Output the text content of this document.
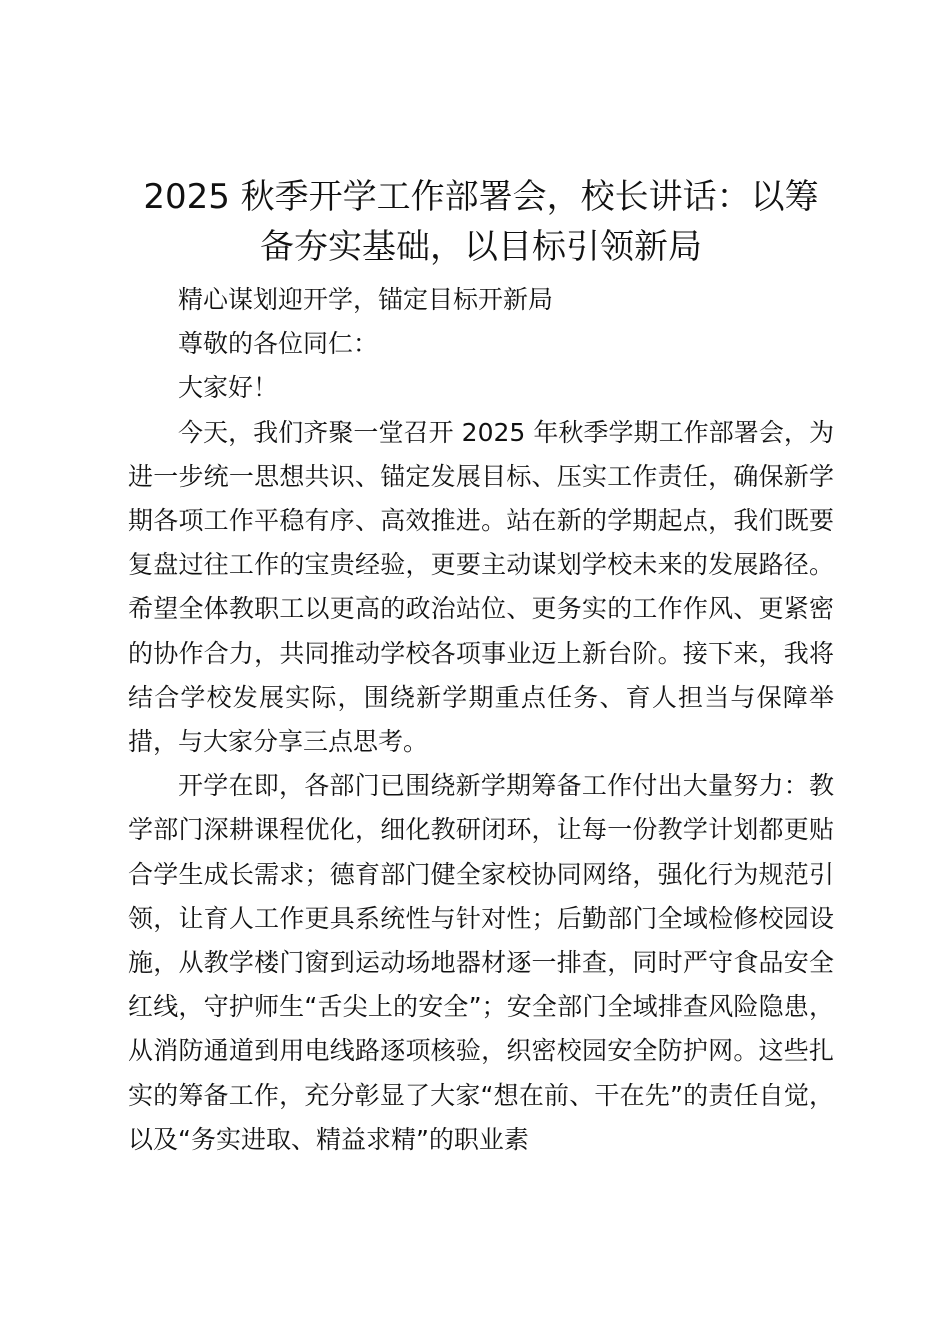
2025 秋季开学工作部署会，校长讲话：以筹备夯实基础，以目标引领新局

精心谋划迎开学，锚定目标开新局

尊敬的各位同仁：

大家好！

今天，我们齐聚一堂召开 2025 年秋季学期工作部署会，为进一步统一思想共识、锚定发展目标、压实工作责任，确保新学期各项工作平稳有序、高效推进。站在新的学期起点，我们既要复盘过往工作的宝贵经验，更要主动谋划学校未来的发展路径。希望全体教职工以更高的政治站位、更务实的工作作风、更紧密的协作合力，共同推动学校各项事业迈上新台阶。接下来，我将结合学校发展实际，围绕新学期重点任务、育人担当与保障举措，与大家分享三点思考。

开学在即，各部门已围绕新学期筹备工作付出大量努力：教学部门深耕课程优化，细化教研闭环，让每一份教学计划都更贴合学生成长需求；德育部门健全家校协同网络，强化行为规范引领，让育人工作更具系统性与针对性；后勤部门全域检修校园设施，从教学楼门窗到运动场地器材逐一排查，同时严守食品安全红线，守护师生“舌尖上的安全”；安全部门全域排查风险隐患，从消防通道到用电线路逐项核验，织密校园安全防护网。这些扎实的筹备工作，充分彰显了大家“想在前、干在先”的责任自觉，以及“务实进取、精益求精”的职业素
